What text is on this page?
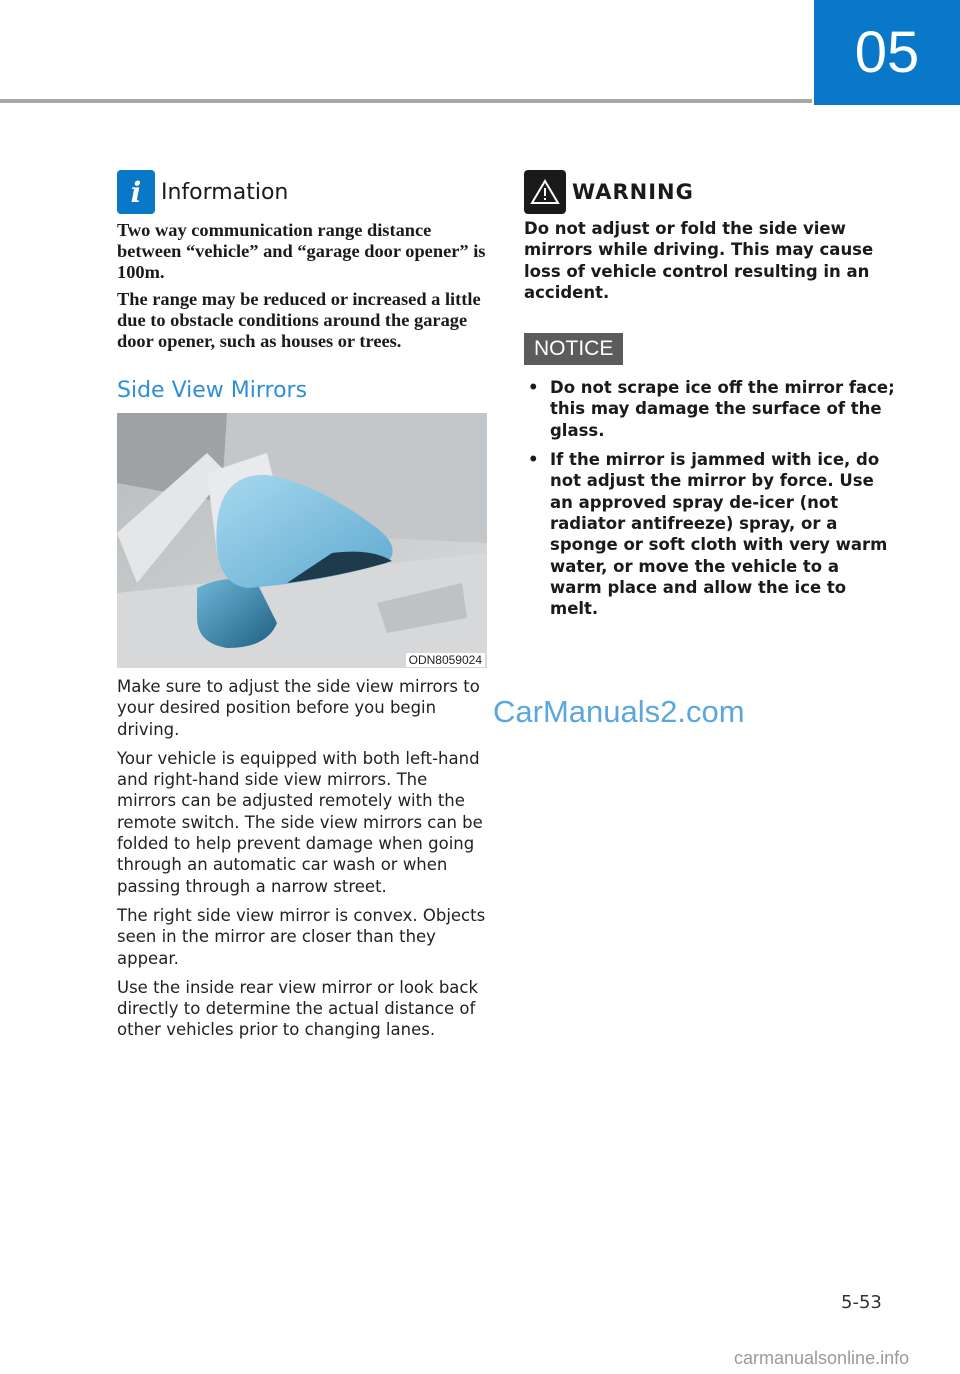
05
i Information

Two way communication range distance between “vehicle” and “garage door opener” is 100m.

The range may be reduced or increased a little due to obstacle conditions around the garage door opener, such as houses or trees.

Side View Mirrors
ODN8059024

Make sure to adjust the side view mirrors to your desired position before you begin driving.

Your vehicle is equipped with both left-hand and right-hand side view mirrors. The mirrors can be adjusted remotely with the remote switch. The side view mirrors can be folded to help prevent damage when going through an automatic car wash or when passing through a narrow street.

The right side view mirror is convex. Objects seen in the mirror are closer than they appear.

Use the inside rear view mirror or look back directly to determine the actual distance of other vehicles prior to changing lanes.

WARNING

Do not adjust or fold the side view mirrors while driving. This may cause loss of vehicle control resulting in an accident.

NOTICE
• Do not scrape ice off the mirror face; this may damage the surface of the glass.
• If the mirror is jammed with ice, do not adjust the mirror by force. Use an approved spray de-icer (not radiator antifreeze) spray, or a sponge or soft cloth with very warm water, or move the vehicle to a warm place and allow the ice to melt.
CarManuals2.com
5-53
carmanualsonline.info
